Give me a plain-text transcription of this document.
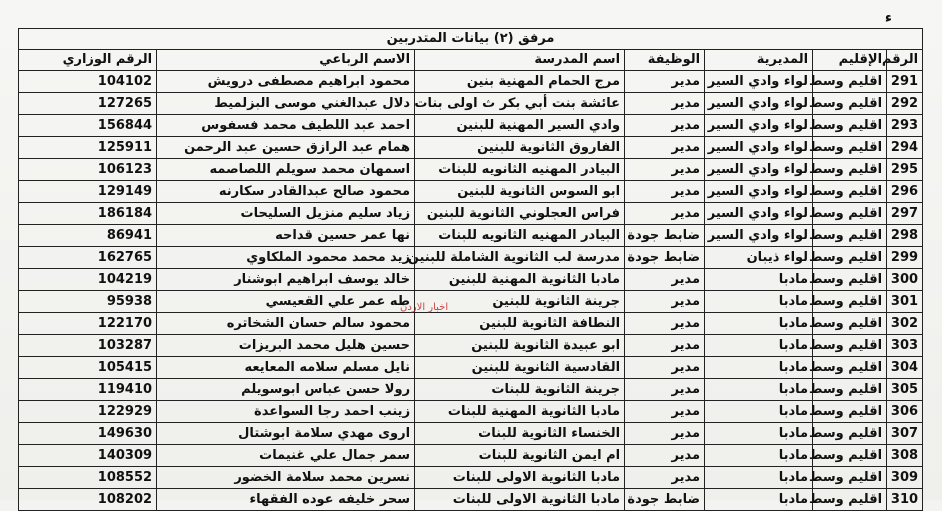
ﺀ
مرفق (٢) بيانات المتدربين						
الرقم	الإقليم	المديرية	الوظيفة	اسم المدرسة	الاسم الرباعي	الرقم الوزاري
291	اقليم وسط	لواء وادي السير	مدير	مرج الحمام المهنية بنين	محمود ابراهيم مصطفى درويش	104102
292	اقليم وسط	لواء وادي السير	مدير	عائشة بنت أبي بكر ث اولى بنات	دلال عبدالغني موسى البزلميط	127265
293	اقليم وسط	لواء وادي السير	مدير	وادي السير المهنية للبنين	احمد عبد اللطيف محمد فسفوس	156844
294	اقليم وسط	لواء وادي السير	مدير	الفاروق الثانوية للبنين	همام عبد الرازق حسين عبد الرحمن	125911
295	اقليم وسط	لواء وادي السير	مدير	البيادر المهنيه الثانويه للبنات	اسمهان محمد سويلم اللصاصمه	106123
296	اقليم وسط	لواء وادي السير	مدير	ابو السوس الثانوية للبنين	محمود صالح عبدالقادر سكارنه	129149
297	اقليم وسط	لواء وادي السير	مدير	فراس العجلوني الثانوية للبنين	زياد سليم منزيل السليحات	186184
298	اقليم وسط	لواء وادي السير	ضابط جودة	البيادر المهنيه الثانويه للبنات	نها عمر حسين قداحه	86941
299	اقليم وسط	لواء ذيبان	ضابط جودة	مدرسة لب الثانوية الشاملة للبنين	زيد محمد محمود الملكاوي	162765
300	اقليم وسط	مادبا	مدير	مادبا الثانوية المهنية للبنين	خالد يوسف ابراهيم ابوشنار	104219
301	اقليم وسط	مادبا	مدير	جرينة الثانوية للبنين	طه عمر علي القعيسي	95938
302	اقليم وسط	مادبا	مدير	النطافة الثانوية للبنين	محمود سالم حسان الشخاتره	122170
303	اقليم وسط	مادبا	مدير	ابو عبيدة الثانوية للبنين	حسين هليل محمد البريزات	103287
304	اقليم وسط	مادبا	مدير	القادسية الثانوية للبنين	نايل مسلم سلامه المعايعه	105415
305	اقليم وسط	مادبا	مدير	جرينة الثانوية للبنات	رولا حسن عباس ابوسويلم	119410
306	اقليم وسط	مادبا	مدير	مادبا الثانوية المهنية للبنات	زينب احمد رجا السواعدة	122929
307	اقليم وسط	مادبا	مدير	الخنساء الثانوية للبنات	اروى مهدي سلامة ابوشتال	149630
308	اقليم وسط	مادبا	مدير	ام ايمن الثانوية للبنات	سمر جمال علي غنيمات	140309
309	اقليم وسط	مادبا	مدير	مادبا الثانوية الاولى للبنات	نسرين محمد سلامة الخضور	108552
310	اقليم وسط	مادبا	ضابط جودة	مادبا الثانوية الاولى للبنات	سحر خليفه عوده الفقهاء	108202
اخبار الاردن
